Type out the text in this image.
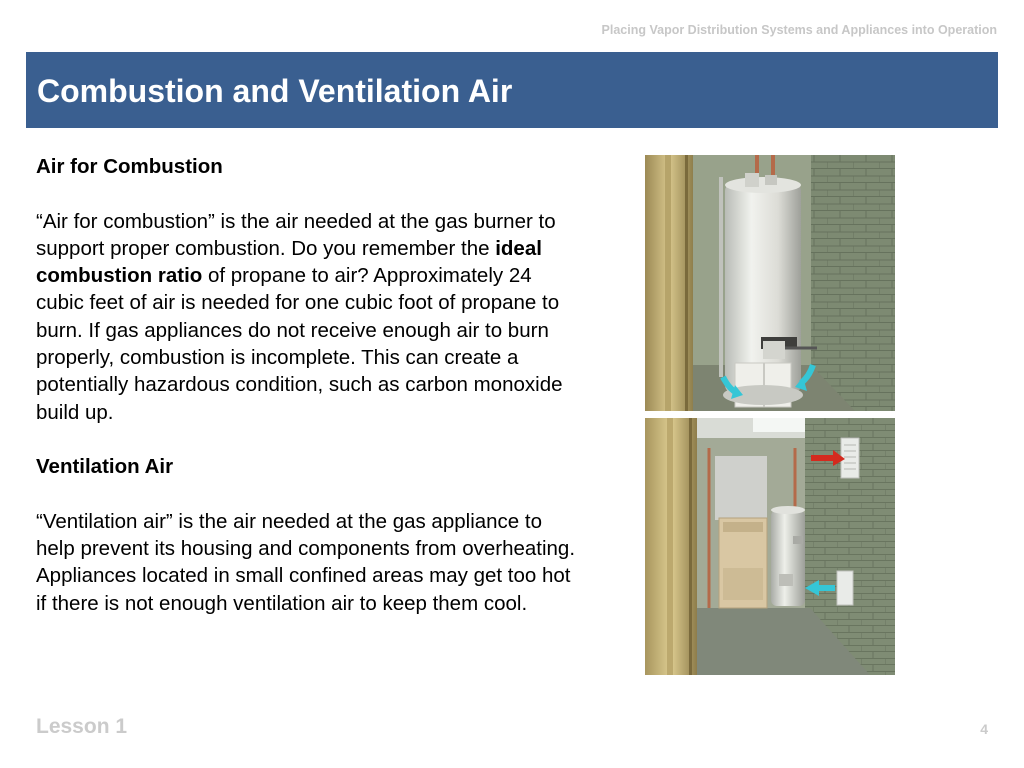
Placing Vapor Distribution Systems and Appliances into Operation
Combustion and Ventilation Air

Air for Combustion

“Air for combustion” is the air needed at the gas burner to support proper combustion. Do you remember the ideal combustion ratio of propane to air? Approximately 24 cubic feet of air is needed for one cubic foot of propane to burn. If gas appliances do not receive enough air to burn properly, combustion is incomplete. This can create a potentially hazardous condition, such as carbon monoxide build up.

Ventilation Air

“Ventilation air” is the air needed at the gas appliance to help prevent its housing and components from overheating. Appliances located in small confined areas may get too hot if there is not enough ventilation air to keep them cool.

Lesson 1	4
